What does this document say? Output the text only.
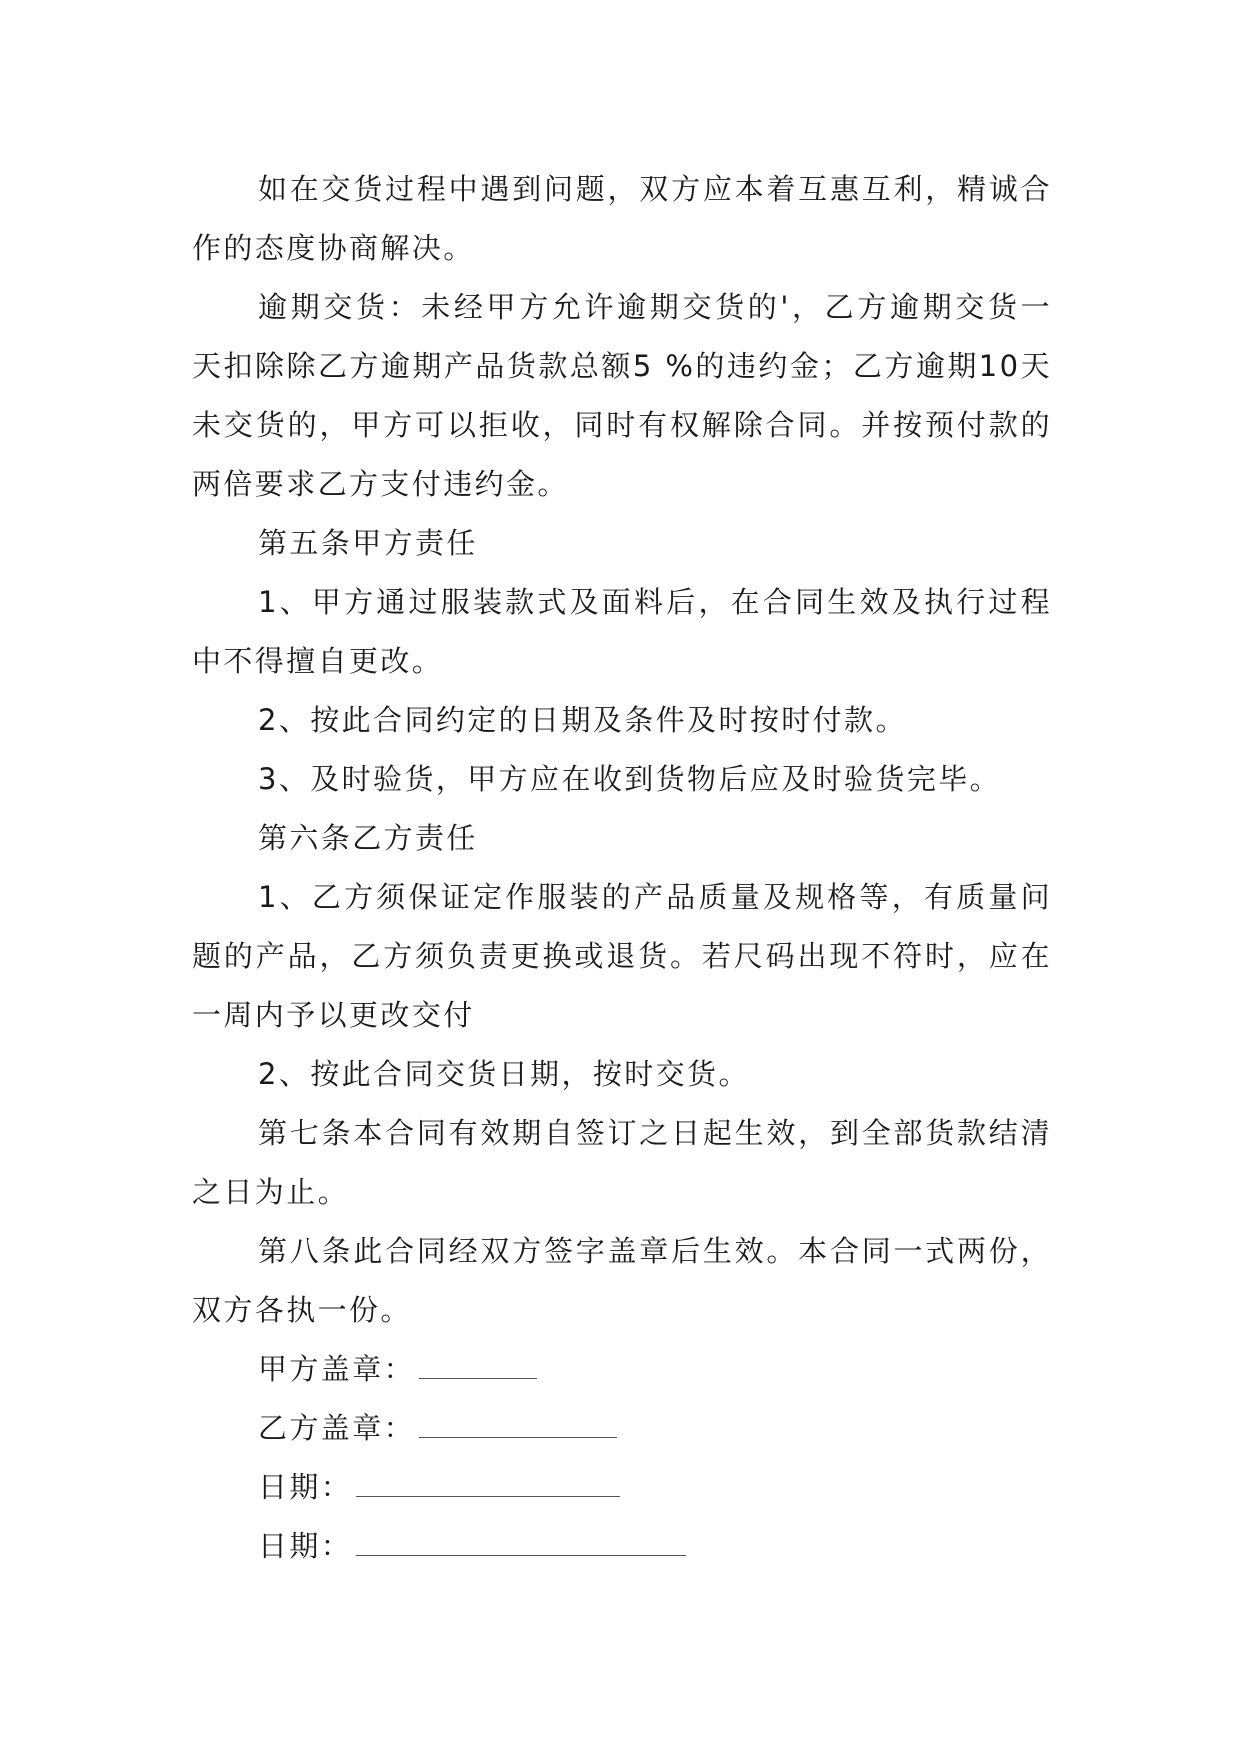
如在交货过程中遇到问题，双方应本着互惠互利，精诚合作的态度协商解决。

逾期交货：未经甲方允许逾期交货的'，乙方逾期交货一天扣除除乙方逾期产品货款总额5 %的违约金；乙方逾期10天未交货的，甲方可以拒收，同时有权解除合同。并按预付款的两倍要求乙方支付违约金。

第五条甲方责任

1、甲方通过服装款式及面料后，在合同生效及执行过程中不得擅自更改。

2、按此合同约定的日期及条件及时按时付款。

3、及时验货，甲方应在收到货物后应及时验货完毕。

第六条乙方责任

1、乙方须保证定作服装的产品质量及规格等，有质量问题的产品，乙方须负责更换或退货。若尺码出现不符时，应在一周内予以更改交付

2、按此合同交货日期，按时交货。

第七条本合同有效期自签订之日起生效，到全部货款结清之日为止。

第八条此合同经双方签字盖章后生效。本合同一式两份，双方各执一份。

甲方盖章：
乙方盖章：
日期：
日期：
